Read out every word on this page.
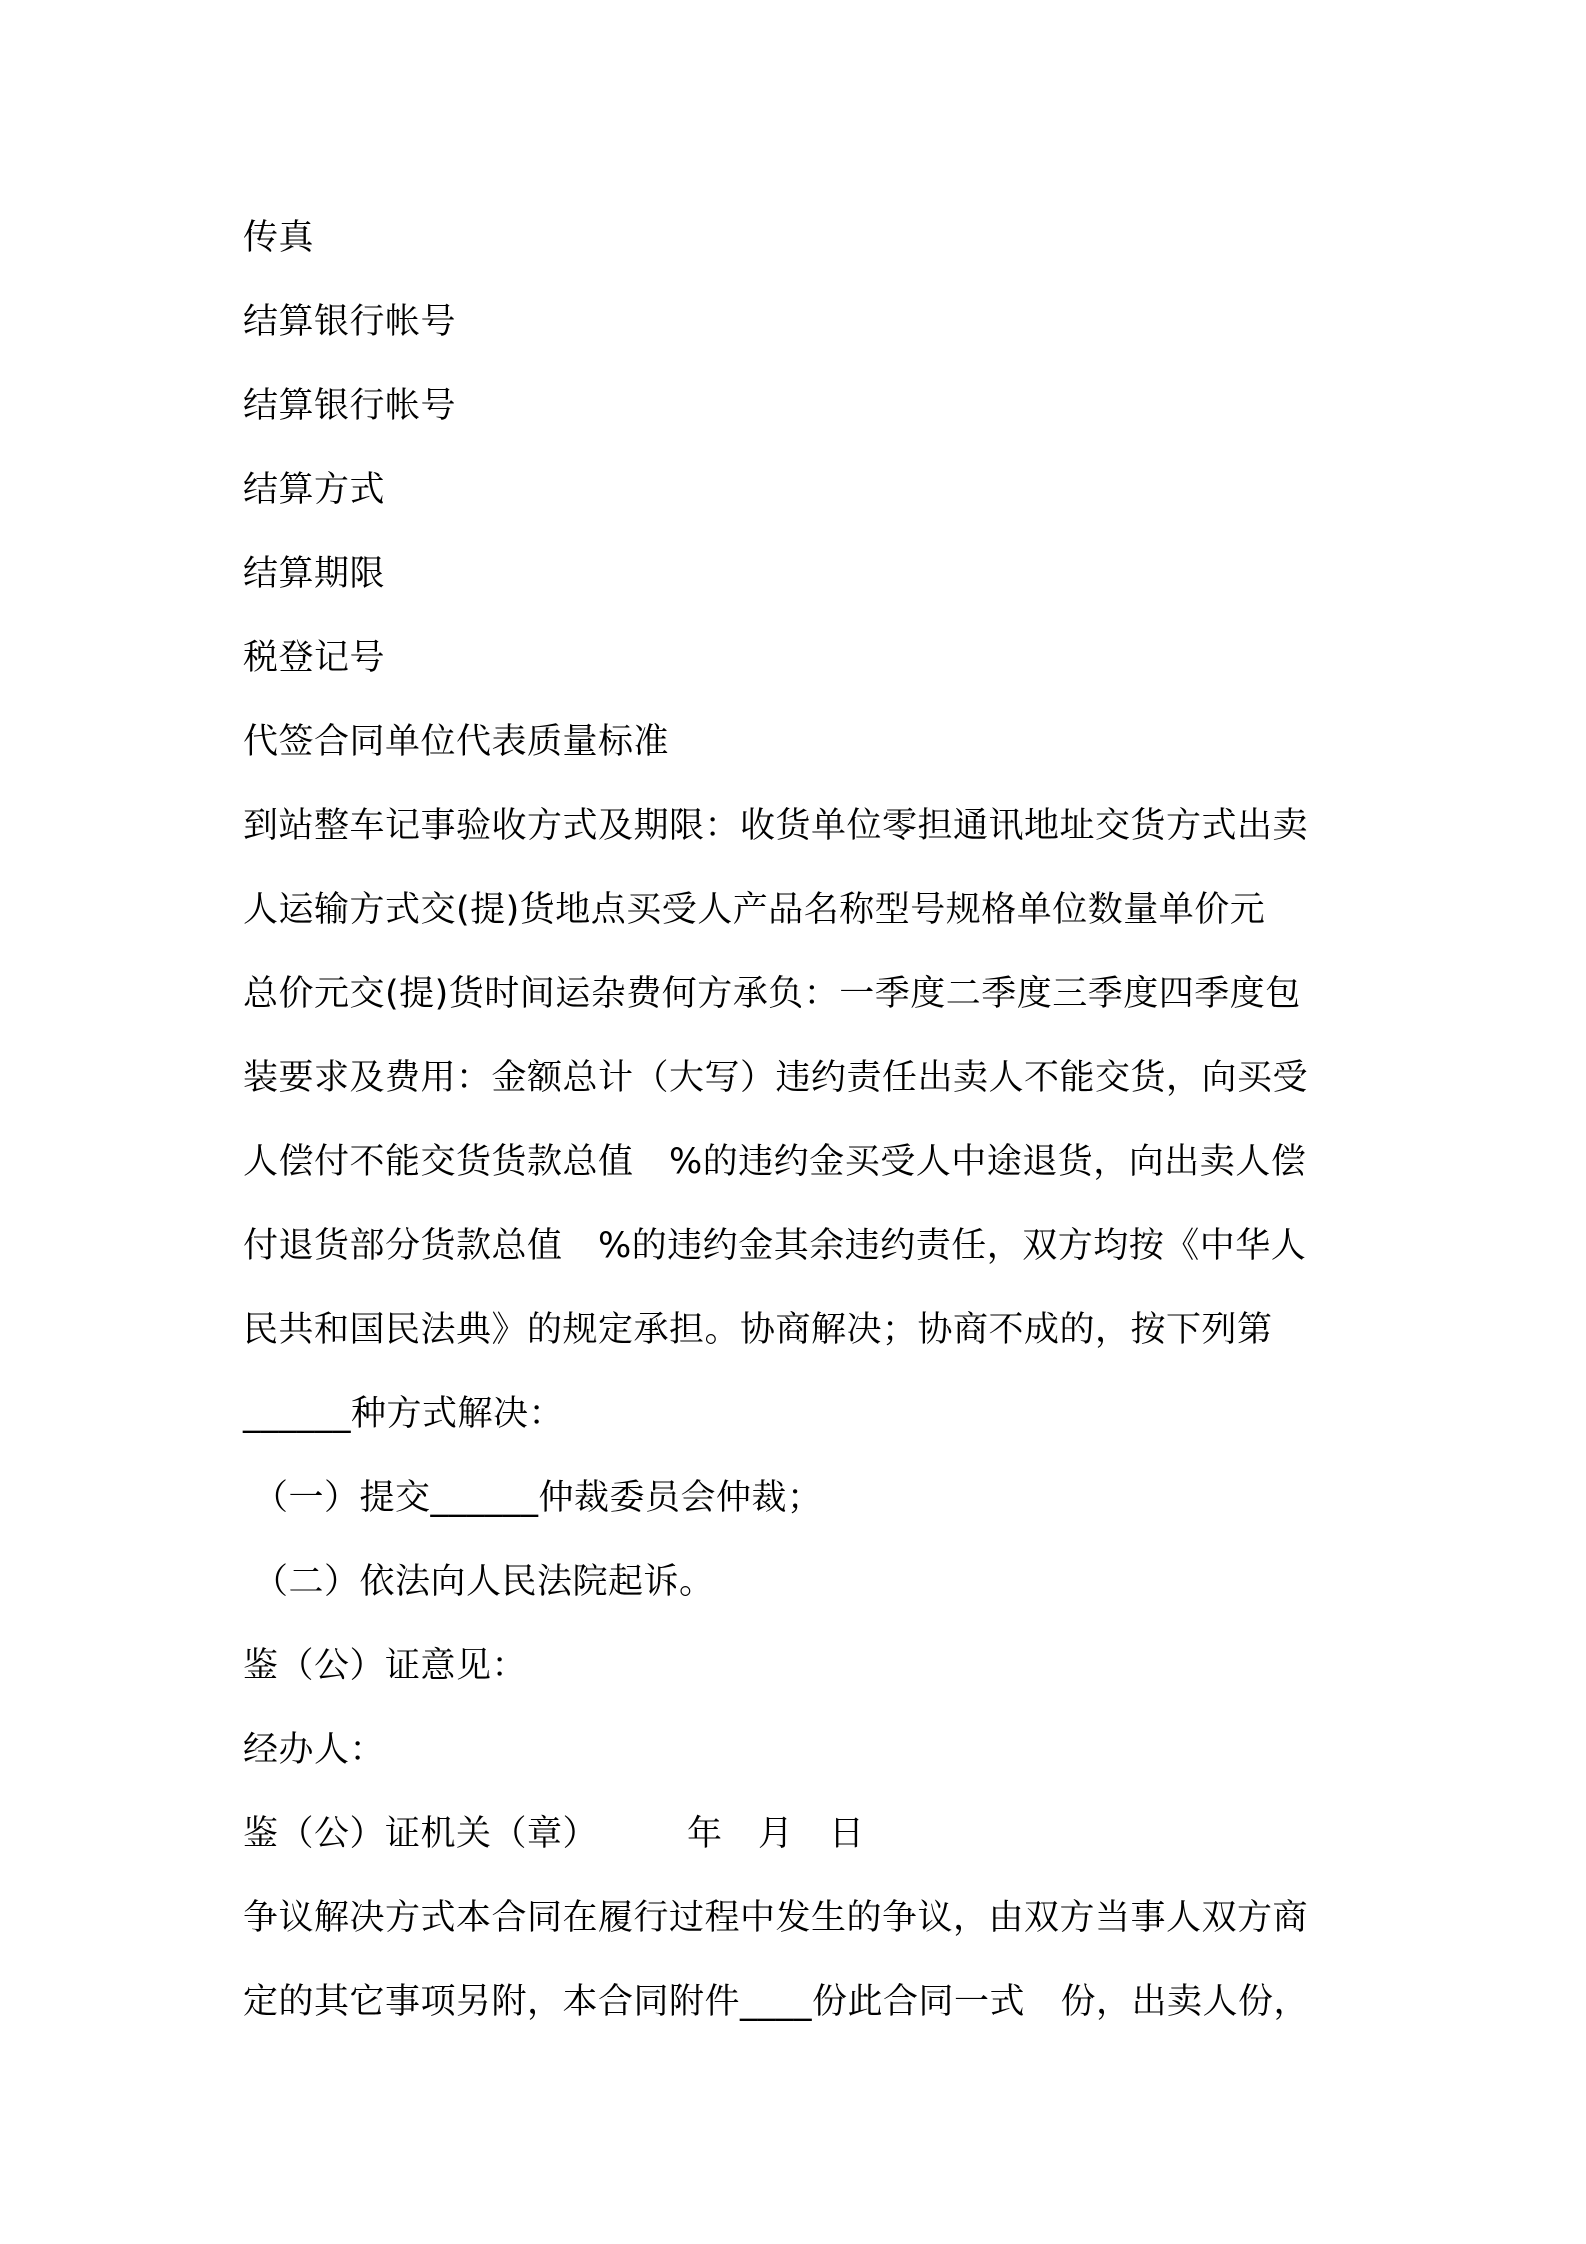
传真

结算银行帐号

结算银行帐号

结算方式

结算期限

税登记号

代签合同单位代表质量标准

到站整车记事验收方式及期限：收货单位零担通讯地址交货方式出卖

人运输方式交(提)货地点买受人产品名称型号规格单位数量单价元

总价元交(提)货时间运杂费何方承负：一季度二季度三季度四季度包

装要求及费用：金额总计（大写）违约责任出卖人不能交货，向买受

人偿付不能交货货款总值　%的违约金买受人中途退货，向出卖人偿

付退货部分货款总值　%的违约金其余违约责任，双方均按《中华人

民共和国民法典》的规定承担。协商解决；协商不成的，按下列第

______种方式解决：

（一）提交______仲裁委员会仲裁；

（二）依法向人民法院起诉。

鉴（公）证意见：

经办人：

鉴（公）证机关（章）　　　年　月　日

争议解决方式本合同在履行过程中发生的争议，由双方当事人双方商

定的其它事项另附，本合同附件____份此合同一式　份，出卖人份，
